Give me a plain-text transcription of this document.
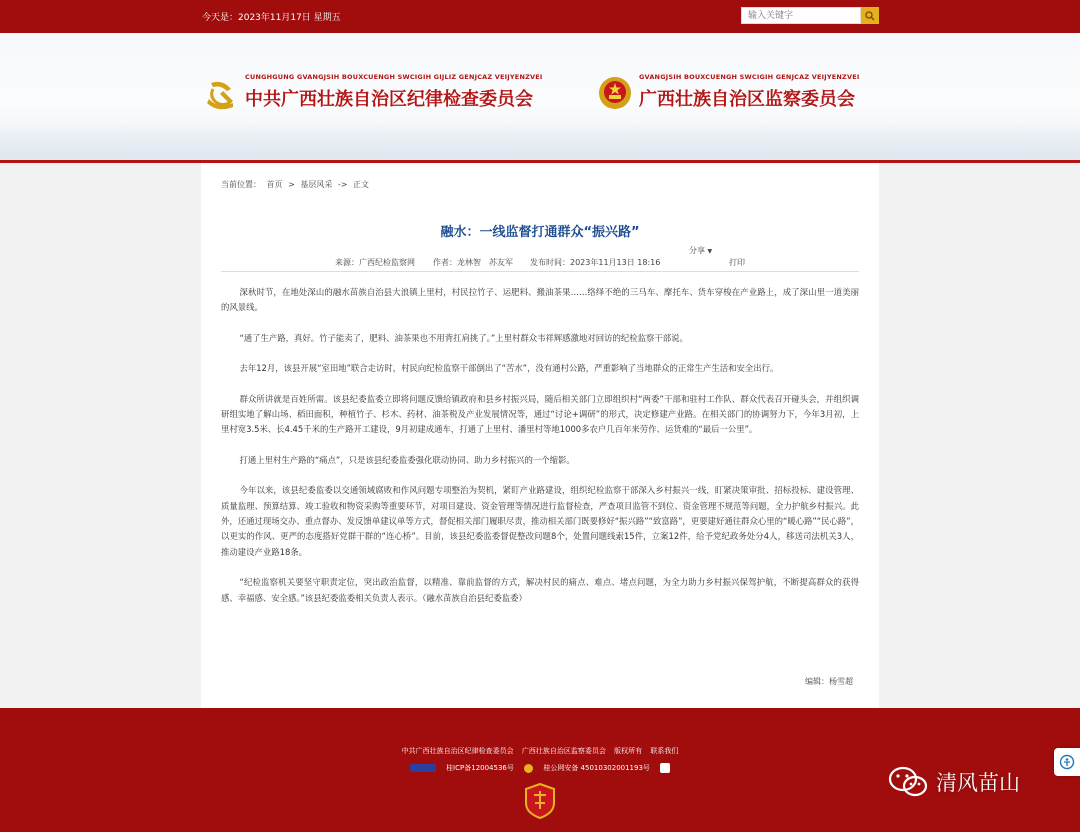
今天是：2023年11月17日 星期五
输入关键字
CUNGHGUNG GVANGJSIH BOUXCUENGH SWCIGIH GIJLIZ GENJCAZ VEIJYENZVEI
中共广西壮族自治区纪律检查委员会
GVANGJSIH BOUXCUENGH SWCIGIH GENJCAZ VEIJYENZVEI
广西壮族自治区监察委员会
当前位置： 首页 > 基层风采 -> 正文
融水：一线监督打通群众“振兴路”
分享 ▼
来源：广西纪检监察网 作者：龙林智　苏友军 发布时间：2023年11月13日 18:16	打印

深秋时节，在地处深山的融水苗族自治县大浪镇上里村，村民拉竹子、运肥料、搬油茶果……络绎不绝的三马车、摩托车、货车穿梭在产业路上，成了深山里一道美丽的风景线。

“通了生产路，真好。竹子能卖了，肥料、油茶果也不用背扛肩挑了。”上里村群众韦祥辉感激地对回访的纪检监察干部说。

去年12月，该县开展“室田地”联合走访时，村民向纪检监察干部倒出了“苦水”，没有通村公路，严重影响了当地群众的正常生产生活和安全出行。

群众所讲就是百姓所需。该县纪委监委立即将问题反馈给镇政府和县乡村振兴局，随后相关部门立即组织村“两委”干部和驻村工作队、群众代表召开碰头会，并组织调研组实地了解山场、稻田面积，种植竹子、杉木、药材、油茶税及产业发展情况等，通过“讨论+调研”的形式，决定修建产业路。在相关部门的协调努力下，今年3月初，上里村宽3.5米、长4.45千米的生产路开工建设，9月初建成通车，打通了上里村、潘里村等地1000多农户几百年来劳作、运货难的“最后一公里”。

打通上里村生产路的“痛点”，只是该县纪委监委强化联动协同、助力乡村振兴的一个缩影。

今年以来，该县纪委监委以交通领域腐败和作风问题专项整治为契机，紧盯产业路建设，组织纪检监察干部深入乡村振兴一线，盯紧决策审批、招标投标、建设管理、质量监理、预算结算、竣工验收和物资采购等重要环节，对项目建设、资金管理等情况进行监督检查，严查项目监管不到位、资金管理不规范等问题，全力护航乡村振兴。此外，还通过现场交办、重点督办、发反馈单建议单等方式，督促相关部门履职尽责，推动相关部门既要修好“振兴路”“致富路”，更要建好通往群众心里的“暖心路”“民心路”，以更实的作风、更严的态度搭好党群干群的“连心桥”。目前，该县纪委监委督促整改问题8个，处置问题线索15件，立案12件，给予党纪政务处分4人，移送司法机关3人，推动建设产业路18条。

“纪检监察机关要坚守职责定位，突出政治监督，以精准、靠前监督的方式，解决村民的痛点、难点、堵点问题，为全力助力乡村振兴保驾护航，不断提高群众的获得感、幸福感、安全感。”该县纪委监委相关负责人表示。（融水苗族自治县纪委监委）

编辑：杨雪超
中共广西壮族自治区纪律检查委员会 广西壮族自治区监察委员会 版权所有 联系我们
桂ICP备12004536号	桂公网安备 45010302001193号
清风苗山
